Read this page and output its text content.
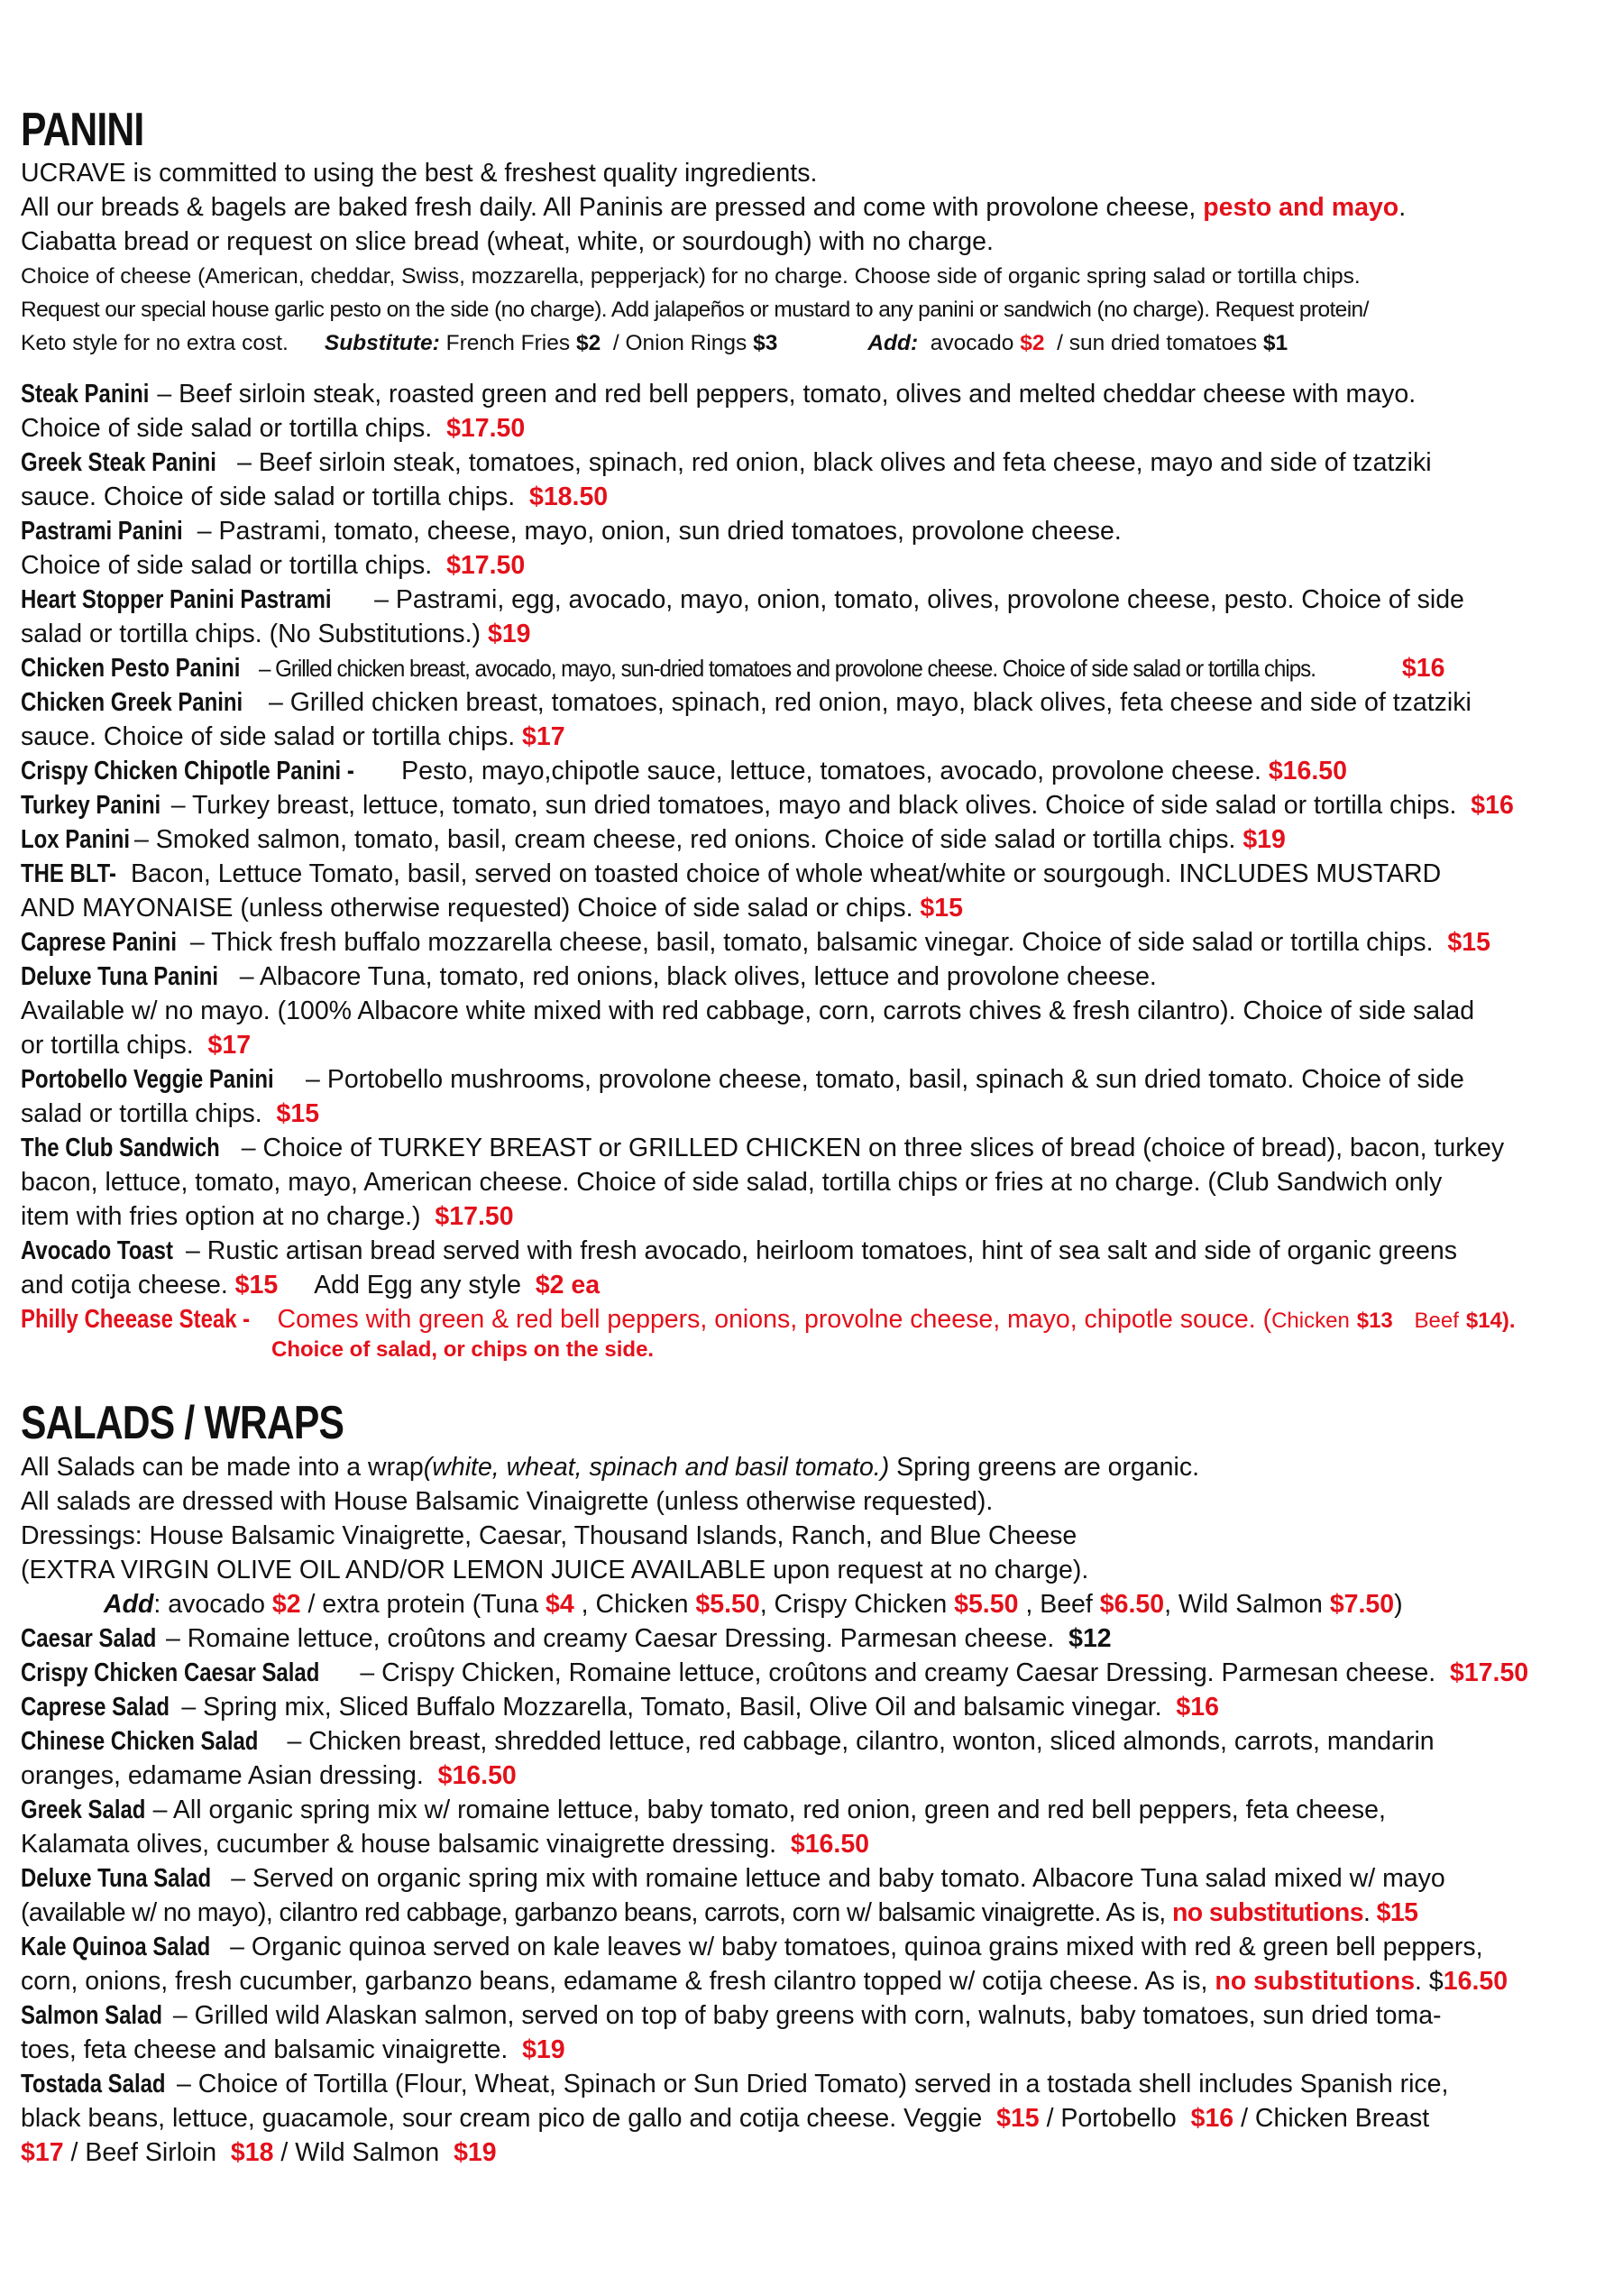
PANINI
UCRAVE is committed to using the best & freshest quality ingredients.
All our breads & bagels are baked fresh daily. All Paninis are pressed and come with provolone cheese, pesto and mayo.
Ciabatta bread or request on slice bread (wheat, white, or sourdough) with no charge.
Choice of cheese (American, cheddar, Swiss, mozzarella, pepperjack) for no charge. Choose side of organic spring salad or tortilla chips.
Request our special house garlic pesto on the side (no charge). Add jalapeños or mustard to any panini or sandwich (no charge). Request protein/
Keto style for no extra cost. Substitute: French Fries $2 / Onion Rings $3	Add: avocado $2 / sun dried tomatoes $1
Steak Panini – Beef sirloin steak, roasted green and red bell peppers, tomato, olives and melted cheddar cheese with mayo.
Choice of side salad or tortilla chips. $17.50
Greek Steak Panini – Beef sirloin steak, tomatoes, spinach, red onion, black olives and feta cheese, mayo and side of tzatziki
sauce. Choice of side salad or tortilla chips. $18.50
Pastrami Panini – Pastrami, tomato, cheese, mayo, onion, sun dried tomatoes, provolone cheese.
Choice of side salad or tortilla chips. $17.50
Heart Stopper Panini Pastrami – Pastrami, egg, avocado, mayo, onion, tomato, olives, provolone cheese, pesto. Choice of side
salad or tortilla chips. (No Substitutions.) $19
Chicken Pesto Panini– Grilled chicken breast, avocado, mayo, sun-dried tomatoes and provolone cheese. Choice of side salad or tortilla chips.	$16
Chicken Greek Panini – Grilled chicken breast, tomatoes, spinach, red onion, mayo, black olives, feta cheese and side of tzatziki
sauce. Choice of side salad or tortilla chips. $17
Crispy Chicken Chipotle Panini - Pesto, mayo,chipotle sauce, lettuce, tomatoes, avocado, provolone cheese. $16.50
Turkey Panini – Turkey breast, lettuce, tomato, sun dried tomatoes, mayo and black olives. Choice of side salad or tortilla chips. $16
Lox Panini – Smoked salmon, tomato, basil, cream cheese, red onions. Choice of side salad or tortilla chips. $19
THE BLT- Bacon, Lettuce Tomato, basil, served on toasted choice of whole wheat/white or sourgough. INCLUDES MUSTARD
AND MAYONAISE (unless otherwise requested) Choice of side salad or chips. $15
Caprese Panini – Thick fresh buffalo mozzarella cheese, basil, tomato, balsamic vinegar. Choice of side salad or tortilla chips. $15
Deluxe Tuna Panini – Albacore Tuna, tomato, red onions, black olives, lettuce and provolone cheese.
Available w/ no mayo. (100% Albacore white mixed with red cabbage, corn, carrots chives & fresh cilantro). Choice of side salad
or tortilla chips. $17
Portobello Veggie Panini – Portobello mushrooms, provolone cheese, tomato, basil, spinach & sun dried tomato. Choice of side
salad or tortilla chips. $15
The Club Sandwich – Choice of TURKEY BREAST or GRILLED CHICKEN on three slices of bread (choice of bread), bacon, turkey
bacon, lettuce, tomato, mayo, American cheese. Choice of side salad, tortilla chips or fries at no charge. (Club Sandwich only
item with fries option at no charge.) $17.50
Avocado Toast – Rustic artisan bread served with fresh avocado, heirloom tomatoes, hint of sea salt and side of organic greens
and cotija cheese. $15 Add Egg any style $2 ea
Philly Cheease Steak - Comes with green & red bell peppers, onions, provolne cheese, mayo, chipotle souce. (Chicken $13 Beef $14).
Choice of salad, or chips on the side.
SALADS / WRAPS
All Salads can be made into a wrap(white, wheat, spinach and basil tomato.) Spring greens are organic.
All salads are dressed with House Balsamic Vinaigrette (unless otherwise requested).
Dressings: House Balsamic Vinaigrette, Caesar, Thousand Islands, Ranch, and Blue Cheese
(EXTRA VIRGIN OLIVE OIL AND/OR LEMON JUICE AVAILABLE upon request at no charge).
Add: avocado $2 / extra protein (Tuna $4 , Chicken $5.50, Crispy Chicken $5.50 , Beef $6.50, Wild Salmon $7.50)
Caesar Salad – Romaine lettuce, croûtons and creamy Caesar Dressing. Parmesan cheese. $12
Crispy Chicken Caesar Salad – Crispy Chicken, Romaine lettuce, croûtons and creamy Caesar Dressing. Parmesan cheese. $17.50
Caprese Salad – Spring mix, Sliced Buffalo Mozzarella, Tomato, Basil, Olive Oil and balsamic vinegar. $16
Chinese Chicken Salad – Chicken breast, shredded lettuce, red cabbage, cilantro, wonton, sliced almonds, carrots, mandarin
oranges, edamame Asian dressing. $16.50
Greek Salad – All organic spring mix w/ romaine lettuce, baby tomato, red onion, green and red bell peppers, feta cheese,
Kalamata olives, cucumber & house balsamic vinaigrette dressing. $16.50
Deluxe Tuna Salad – Served on organic spring mix with romaine lettuce and baby tomato. Albacore Tuna salad mixed w/ mayo
(available w/ no mayo), cilantro red cabbage, garbanzo beans, carrots, corn w/ balsamic vinaigrette. As is, no substitutions. $15
Kale Quinoa Salad – Organic quinoa served on kale leaves w/ baby tomatoes, quinoa grains mixed with red & green bell peppers,
corn, onions, fresh cucumber, garbanzo beans, edamame & fresh cilantro topped w/ cotija cheese. As is, no substitutions. $16.50
Salmon Salad – Grilled wild Alaskan salmon, served on top of baby greens with corn, walnuts, baby tomatoes, sun dried toma-
toes, feta cheese and balsamic vinaigrette. $19
Tostada Salad – Choice of Tortilla (Flour, Wheat, Spinach or Sun Dried Tomato) served in a tostada shell includes Spanish rice,
black beans, lettuce, guacamole, sour cream pico de gallo and cotija cheese. Veggie $15 / Portobello $16 / Chicken Breast
$17 / Beef Sirloin $18 / Wild Salmon $19
